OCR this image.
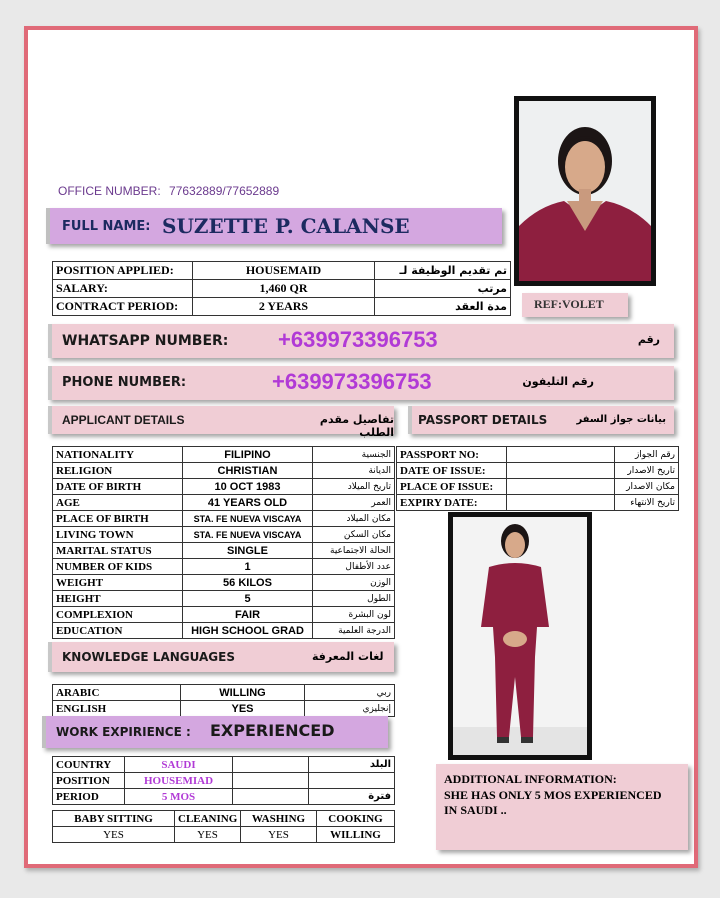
OFFICE NUMBER: 77632889/77652889
FULL NAME: SUZETTE P. CALANSE
POSITION APPLIED:	HOUSEMAID	تم تقديم الوظيفة لـ
SALARY:	1,460 QR	مرتب
CONTRACT PERIOD:	2 YEARS	مدة العقد REF:VOLET
WHATSAPP NUMBER: +639973396753	رقم
PHONE NUMBER:	+639973396753	رقم التليفون
APPLICANT DETAILS	تفاصيل مقدم الطلب
PASSPORT DETAILS	بيانات جواز السفر
NATIONALITY	FILIPINO	الجنسية
RELIGION	CHRISTIAN	الديانة
DATE OF BIRTH	10 OCT 1983	تاريخ الميلاد
AGE	41 YEARS OLD	العمر
PLACE OF BIRTH	STA. FE NUEVA VISCAYA	مكان الميلاد
LIVING TOWN	STA. FE NUEVA VISCAYA	مكان السكن
MARITAL STATUS	SINGLE	الحالة الاجتماعية
NUMBER OF KIDS	1	عدد الأطفال
WEIGHT	56 KILOS	الوزن
HEIGHT	5	الطول
COMPLEXION	FAIR	لون البشرة
EDUCATION	HIGH SCHOOL GRAD	الدرجة العلمية
PASSPORT NO:		رقم الجواز
DATE OF ISSUE:		تاريخ الاصدار
PLACE OF ISSUE:		مكان الاصدار
EXPIRY DATE:		تاريخ الانتهاء
KNOWLEDGE LANGUAGES	لغات المعرفة
ARABIC	WILLING	ربي
ENGLISH	YES	إنجليزي
WORK EXPIRIENCE : EXPERIENCED
COUNTRY	SAUDI		البلد
POSITION	HOUSEMIAD		
PERIOD	5 MOS		فترة
BABY SITTING	CLEANING	WASHING	COOKING
YES	YES	YES	WILLING
ADDITIONAL INFORMATION:
SHE HAS ONLY 5 MOS EXPERIENCED IN SAUDI ..
